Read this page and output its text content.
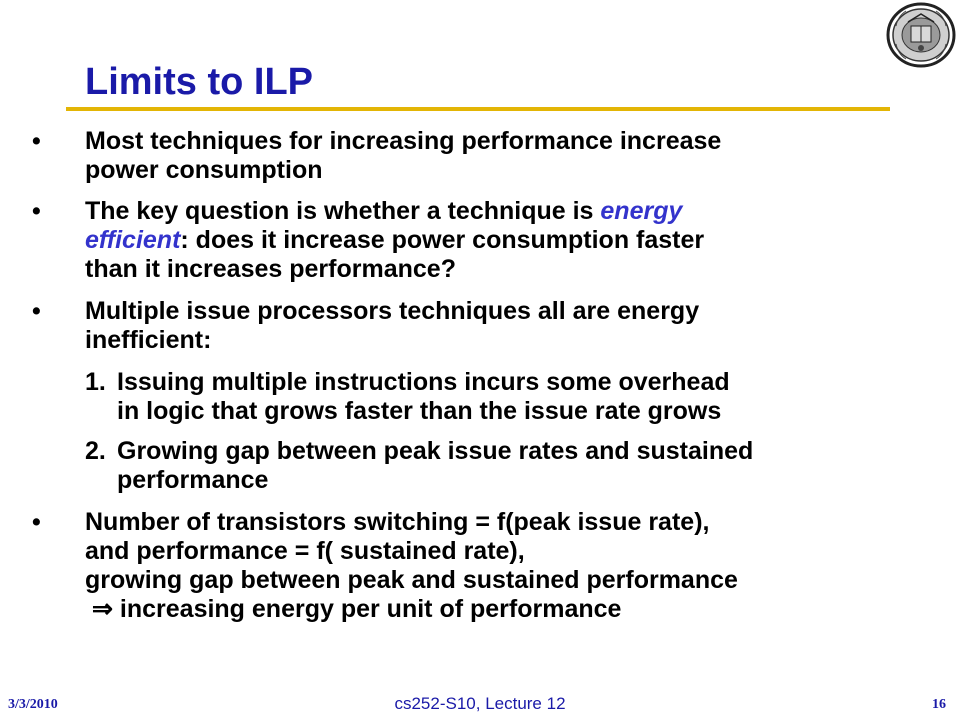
Limits to ILP
• Most techniques for increasing performance increase
power consumption
• The key question is whether a technique is energy
efficient: does it increase power consumption faster
than it increases performance?
• Multiple issue processors techniques all are energy
inefficient:
1. Issuing multiple instructions incurs some overhead
in logic that grows faster than the issue rate grows
2. Growing gap between peak issue rates and sustained
performance
• Number of transistors switching = f(peak issue rate),
and performance = f( sustained rate),
growing gap between peak and sustained performance
⇒ increasing energy per unit of performance
3/3/2010	cs252-S10, Lecture 12	16
